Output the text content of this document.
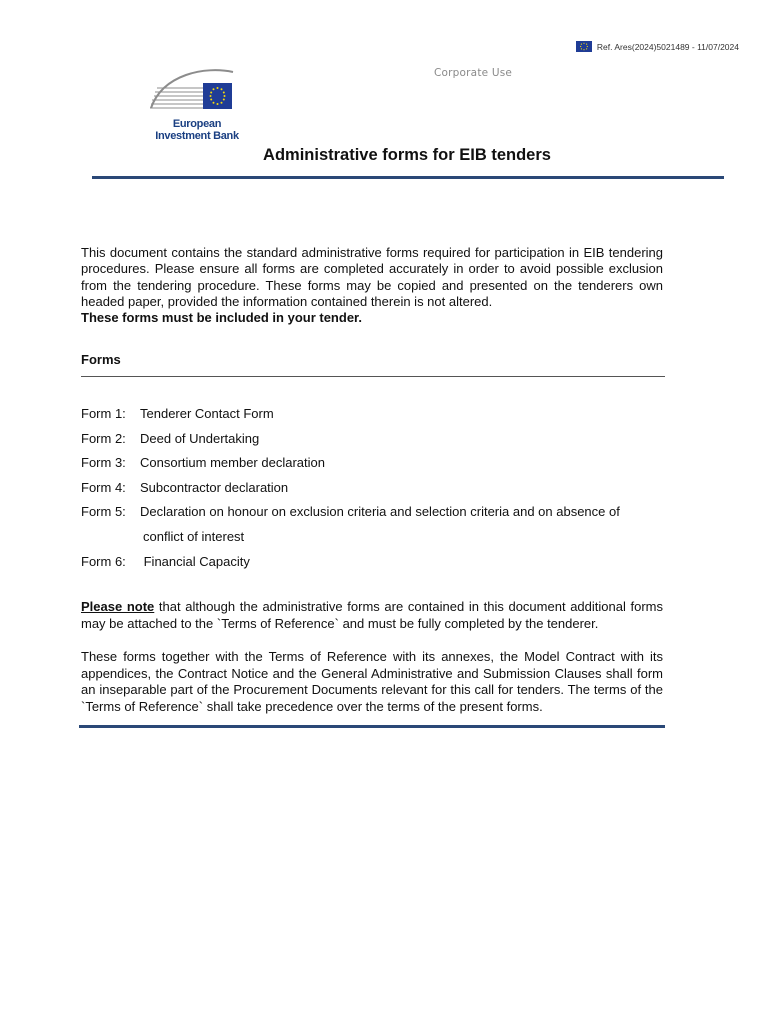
Ref. Ares(2024)5021489 - 11/07/2024
Corporate Use
European
Investment Bank
Administrative forms for EIB tenders
This document contains the standard administrative forms required for participation in EIB tendering procedures. Please ensure all forms are completed accurately in order to avoid possible exclusion from the tendering procedure. These forms may be copied and presented on the tenderers own headed paper, provided the information contained therein is not altered.
These forms must be included in your tender.
Forms
Form 1:	Tenderer Contact Form
Form 2:	Deed of Undertaking
Form 3:	Consortium member declaration
Form 4:	Subcontractor declaration
Form 5:	Declaration on honour on exclusion criteria and selection criteria and on absence of
conflict of interest
Form 6:	Financial Capacity
Please note that although the administrative forms are contained in this document additional forms may be attached to the `Terms of Reference` and must be fully completed by the tenderer.
These forms together with the Terms of Reference with its annexes, the Model Contract with its appendices, the Contract Notice and the General Administrative and Submission Clauses shall form an inseparable part of the Procurement Documents relevant for this call for tenders. The terms of the `Terms of Reference` shall take precedence over the terms of the present forms.
